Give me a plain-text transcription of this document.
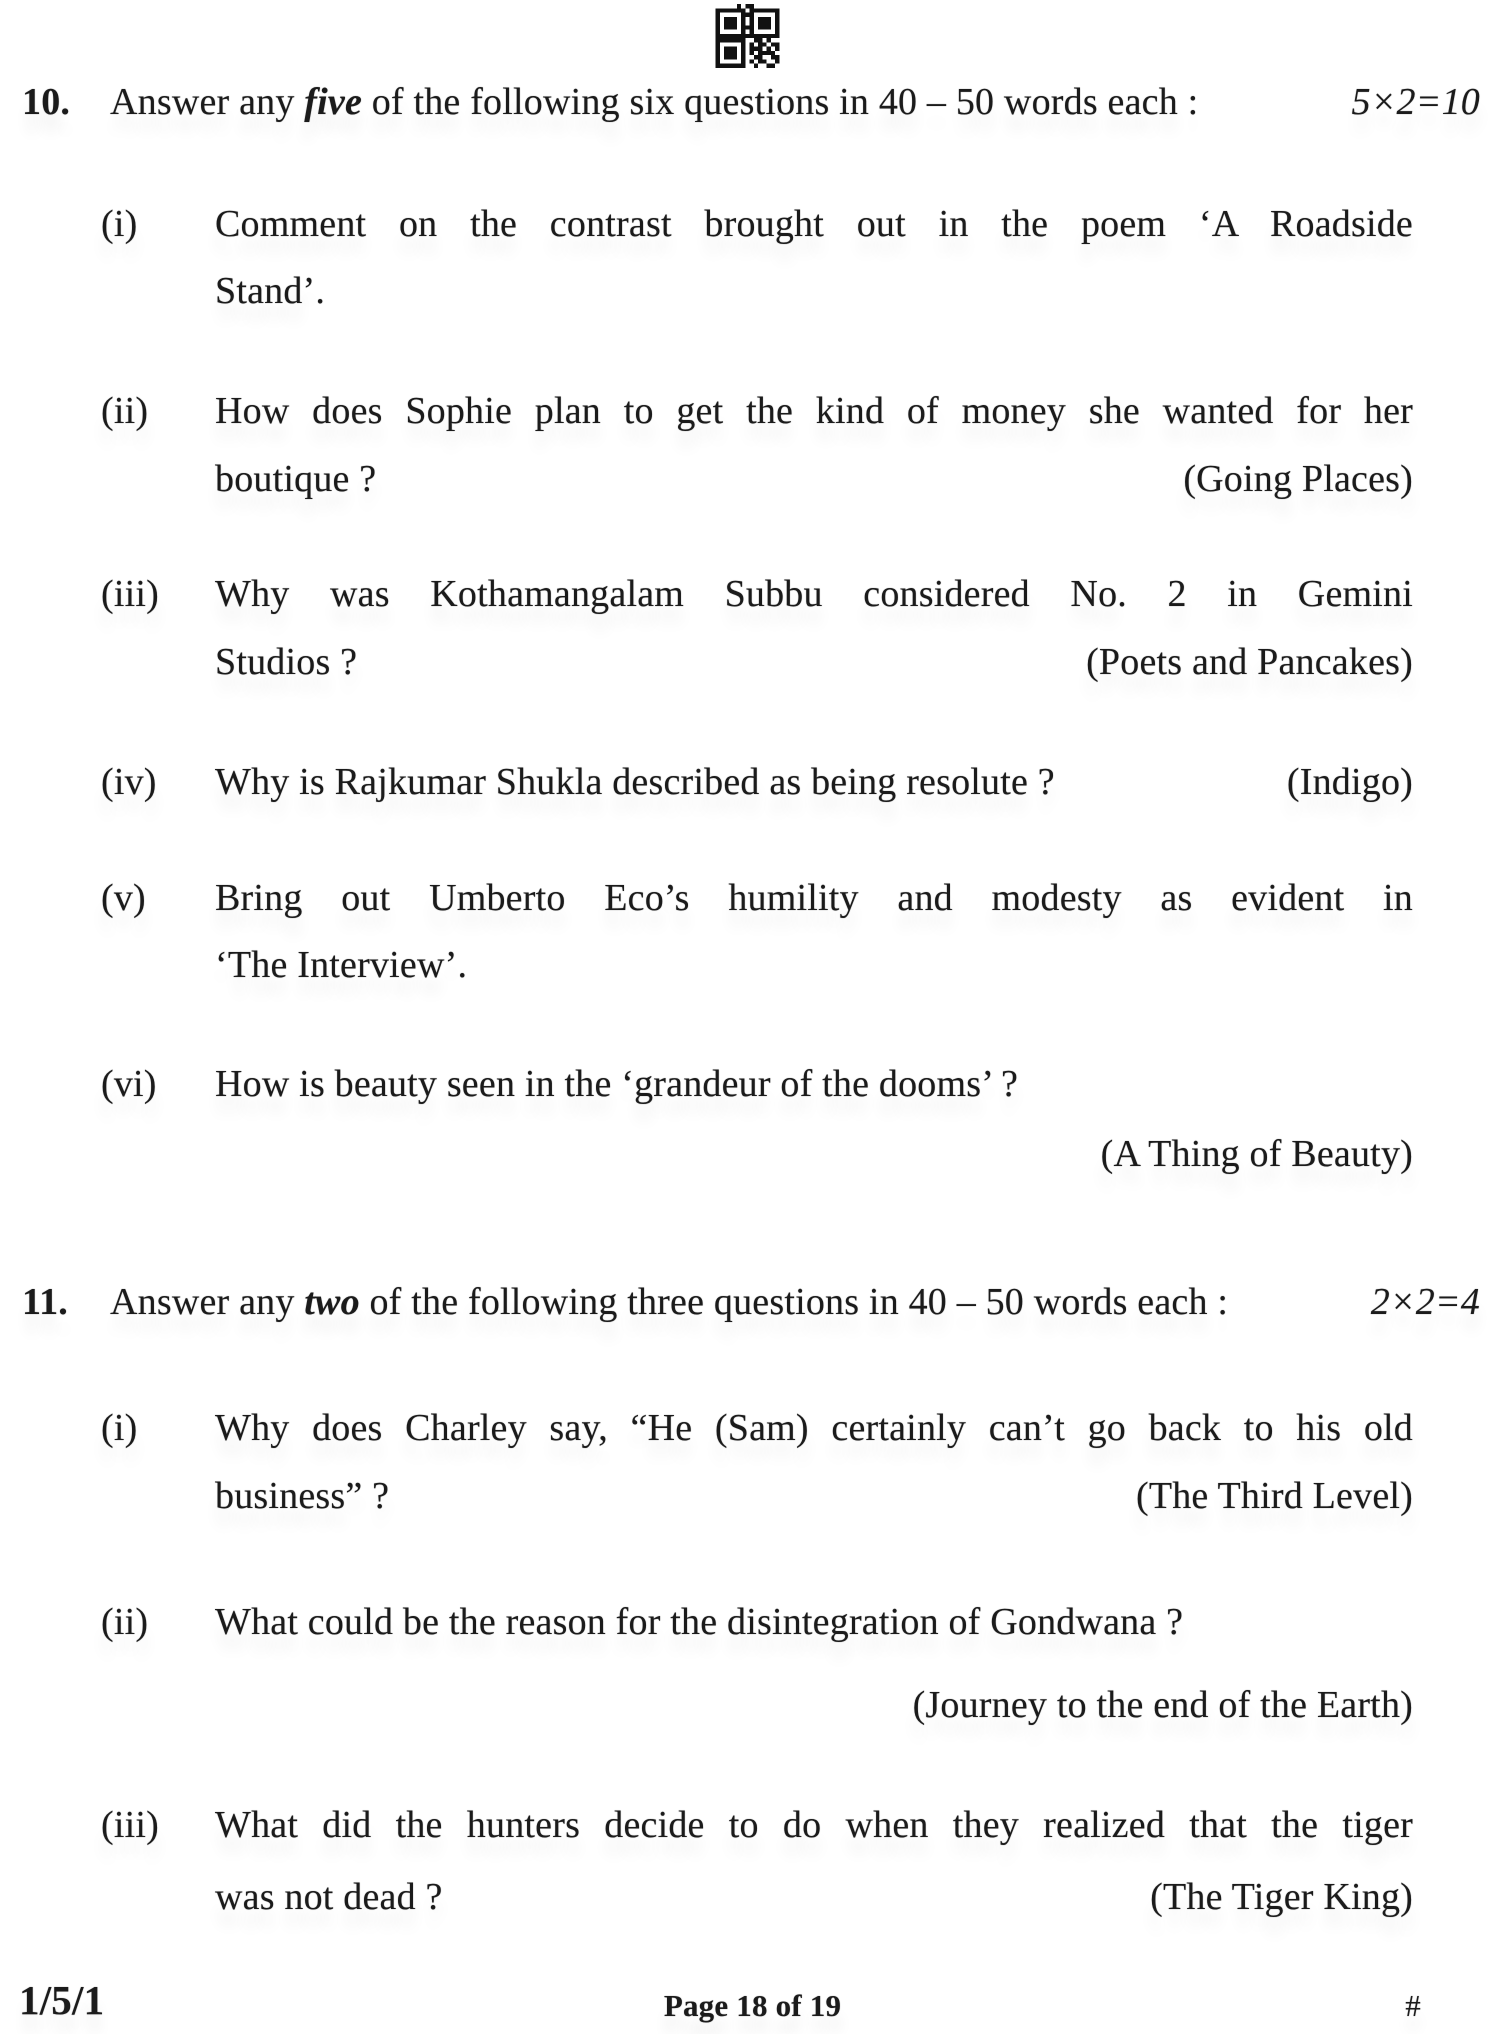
10.	Answer any five of the following six questions in 40 – 50 words each :	5×2=10
(i) Comment on the contrast brought out in the poem ‘A Roadside
Stand’.
(ii) How does Sophie plan to get the kind of money she wanted for her
boutique ?	(Going Places)
(iii) Why was Kothamangalam Subbu considered No. 2 in Gemini
Studios ?	(Poets and Pancakes)
(iv) Why is Rajkumar Shukla described as being resolute ?	(Indigo)
(v) Bring out Umberto Eco’s humility and modesty as evident in
‘The Interview’.
(vi) How is beauty seen in the ‘grandeur of the dooms’ ?
(A Thing of Beauty)
11.	Answer any two of the following three questions in 40 – 50 words each :	2×2=4
(i) Why does Charley say, “He (Sam) certainly can’t go back to his old
business” ?	(The Third Level)
(ii) What could be the reason for the disintegration of Gondwana ?
(Journey to the end of the Earth)
(iii) What did the hunters decide to do when they realized that the tiger
was not dead ?	(The Tiger King)
1/5/1	Page 18 of 19	#
